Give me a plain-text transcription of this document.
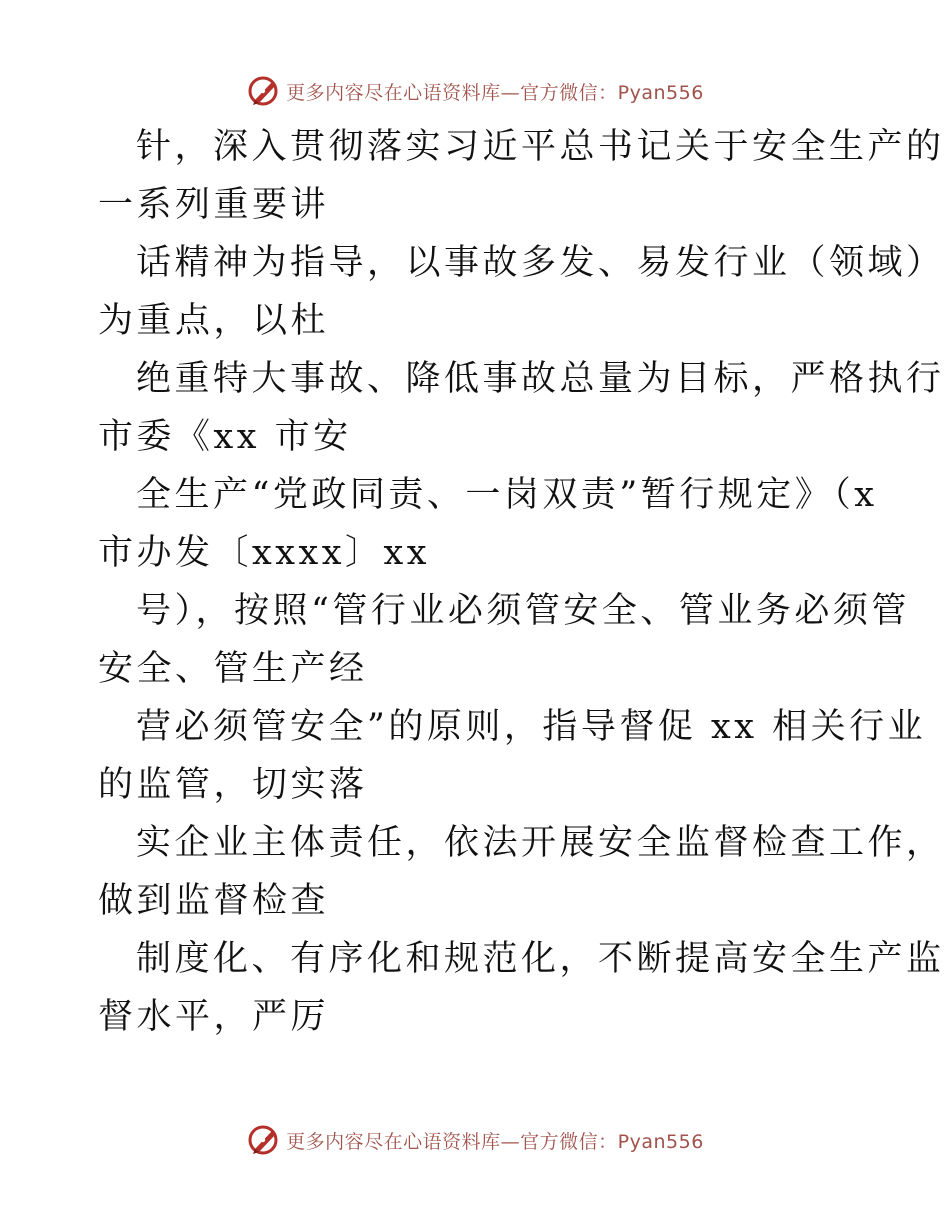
更多内容尽在心语资料库—官方微信：Pyan556
针，深入贯彻落实习近平总书记关于安全生产的
一系列重要讲
话精神为指导，以事故多发、易发行业（领域）
为重点，以杜
绝重特大事故、降低事故总量为目标，严格执行
市委《xx 市安
全生产“党政同责、一岗双责”暂行规定》（x
市办发〔xxxx〕xx
号），按照“管行业必须管安全、管业务必须管
安全、管生产经
营必须管安全”的原则，指导督促 xx 相关行业
的监管，切实落
实企业主体责任，依法开展安全监督检查工作，
做到监督检查
制度化、有序化和规范化，不断提高安全生产监
督水平，严厉
更多内容尽在心语资料库—官方微信：Pyan556
